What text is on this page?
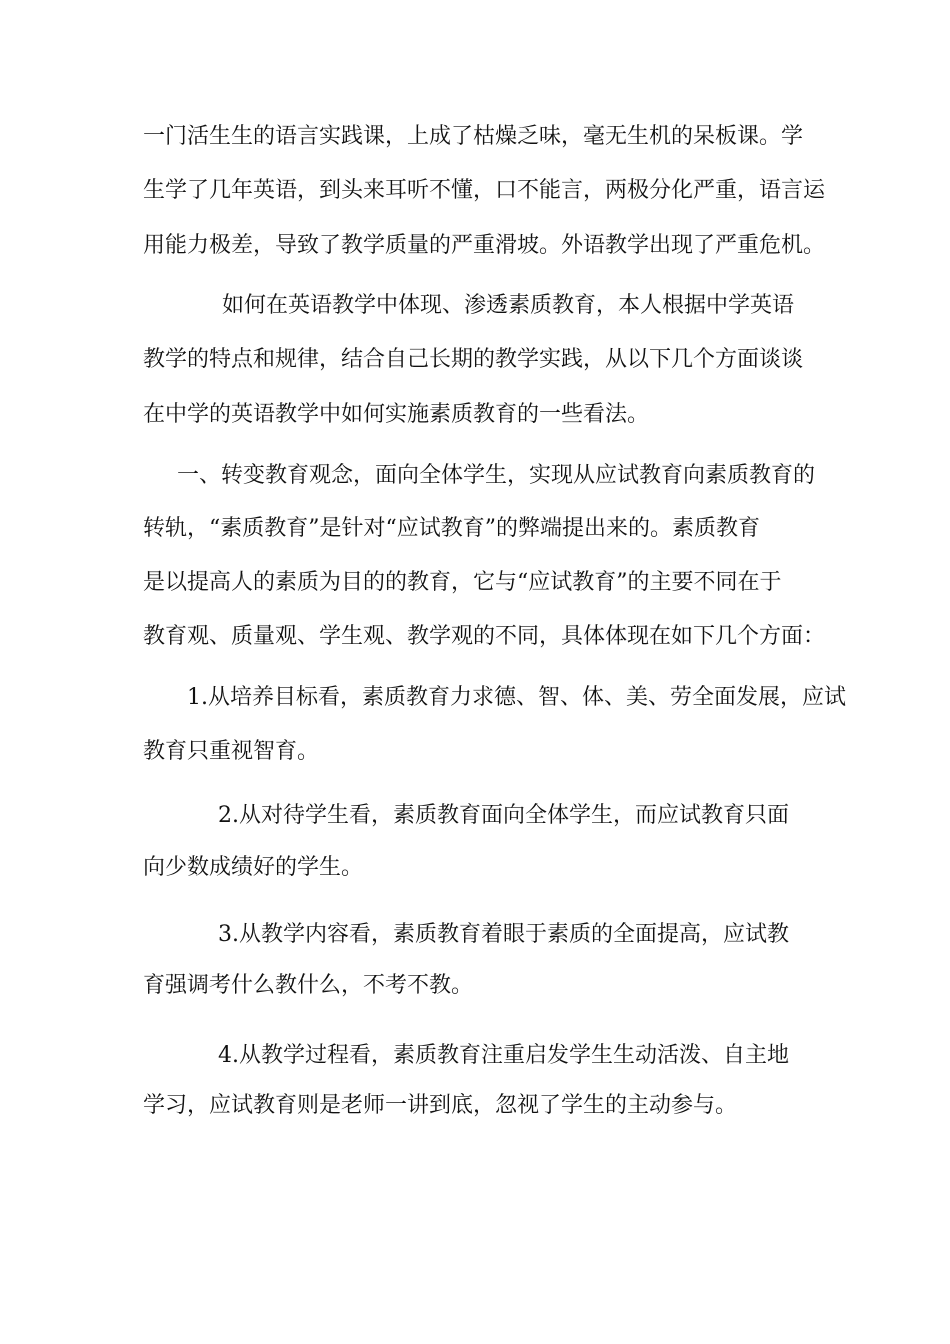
一门活生生的语言实践课，上成了枯燥乏味，毫无生机的呆板课。学
生学了几年英语，到头来耳听不懂，口不能言，两极分化严重，语言运
用能力极差，导致了教学质量的严重滑坡。外语教学出现了严重危机。
　　如何在英语教学中体现、渗透素质教育，本人根据中学英语
教学的特点和规律，结合自己长期的教学实践，从以下几个方面谈谈
在中学的英语教学中如何实施素质教育的一些看法。
一、转变教育观念，面向全体学生，实现从应试教育向素质教育的
转轨，“素质教育”是针对“应试教育”的弊端提出来的。素质教育
是以提高人的素质为目的的教育，它与“应试教育”的主要不同在于
教育观、质量观、学生观、教学观的不同，具体体现在如下几个方面：
1.从培养目标看，素质教育力求德、智、体、美、劳全面发展，应试
教育只重视智育。
2.从对待学生看，素质教育面向全体学生，而应试教育只面
向少数成绩好的学生。
3.从教学内容看，素质教育着眼于素质的全面提高，应试教
育强调考什么教什么，不考不教。
4.从教学过程看，素质教育注重启发学生生动活泼、自主地
学习，应试教育则是老师一讲到底，忽视了学生的主动参与。
